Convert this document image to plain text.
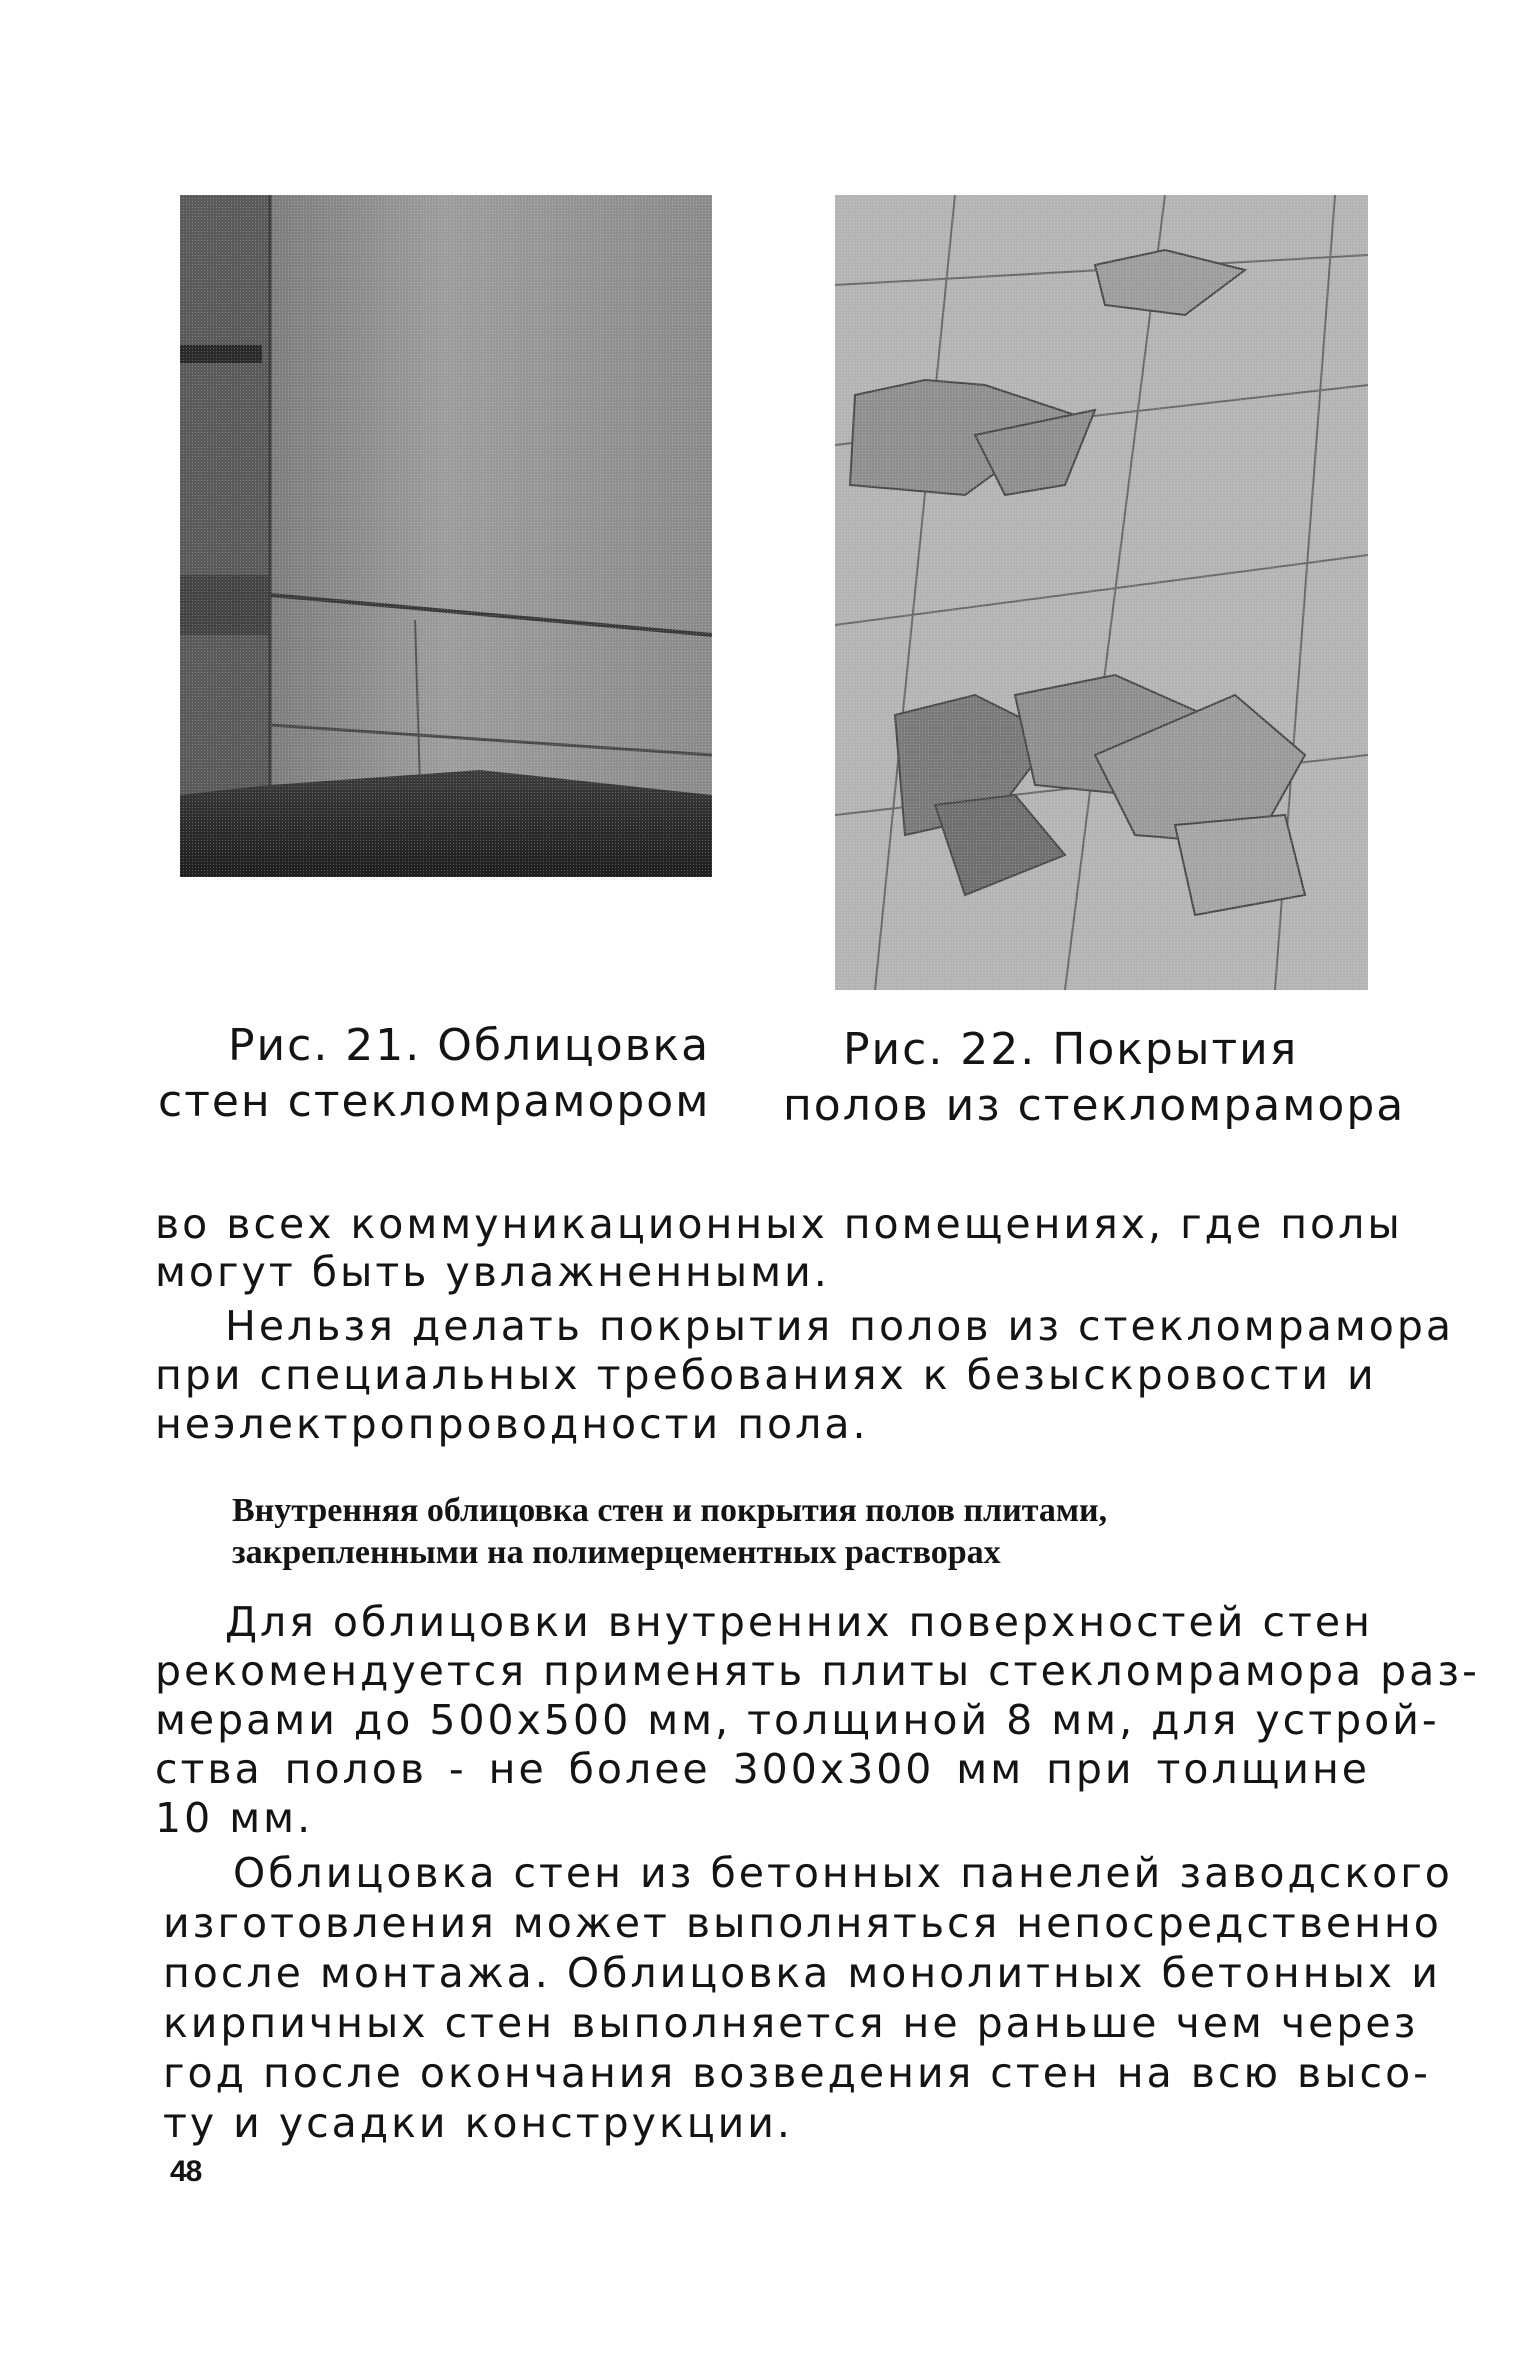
Рис. 21. Облицовка
стен стекломрамором
Рис. 22. Покрытия
полов из стекломрамора
во всех коммуникационных помещениях, где полы
могут быть увлажненными.
Нельзя делать покрытия полов из стекломрамора
при специальных требованиях к безыскровости и
неэлектропроводности пола.
Внутренняя облицовка стен и покрытия полов плитами,
закрепленными на полимерцементных растворах
Для облицовки внутренних поверхностей стен
рекомендуется применять плиты стекломрамора раз-
мерами до 500х500 мм, толщиной 8 мм, для устрой-
ства полов - не более 300х300 мм при толщине
10 мм.
Облицовка стен из бетонных панелей заводского
изготовления может выполняться непосредственно
после монтажа. Облицовка монолитных бетонных и
кирпичных стен выполняется не раньше чем через
год после окончания возведения стен на всю высо-
ту и усадки конструкции.
48
